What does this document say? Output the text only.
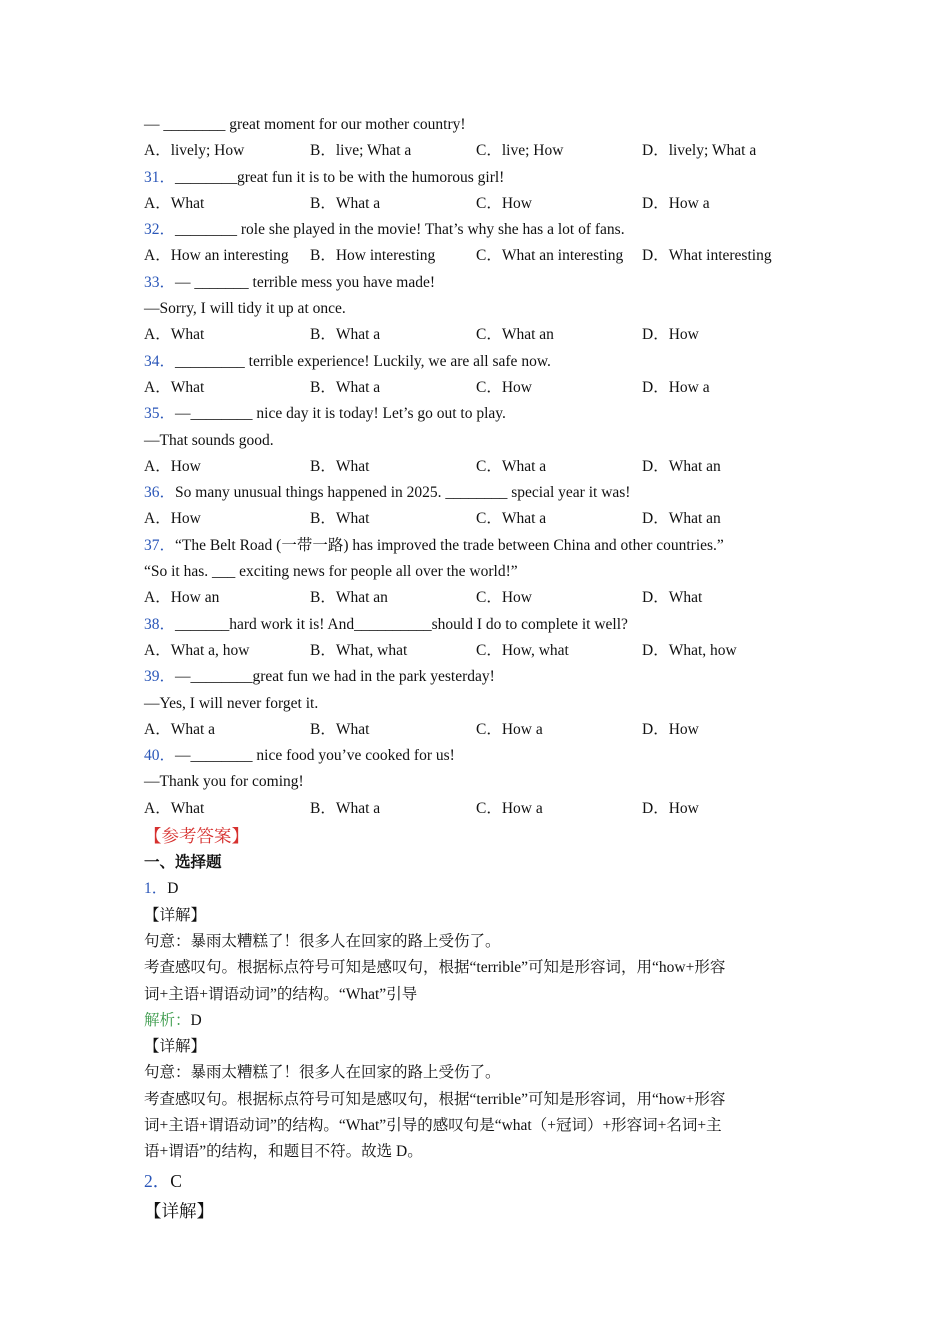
— ________ great moment for our mother country!
A．lively; How	B．live; What a	C．live; How	D．lively; What a
31．________great fun it is to be with the humorous girl!
A．What	B．What a	C．How	D．How a
32．________ role she played in the movie! That’s why she has a lot of fans.
A．How an interesting	B．How interesting	C．What an interesting	D．What interesting
33．— _______ terrible mess you have made!
—Sorry, I will tidy it up at once.
A．What	B．What a	C．What an	D．How
34．_________ terrible experience! Luckily, we are all safe now.
A．What	B．What a	C．How	D．How a
35．—________ nice day it is today! Let’s go out to play.
—That sounds good.
A．How	B．What	C．What a	D．What an
36．So many unusual things happened in 2025. ________ special year it was!
A．How	B．What	C．What a	D．What an
37．“The Belt Road (一带一路) has improved the trade between China and other countries.”
“So it has. ___ exciting news for people all over the world!”
A．How an	B．What an	C．How	D．What
38．_______hard work it is! And__________should I do to complete it well?
A．What a, how	B．What, what	C．How, what	D．What, how
39．—________great fun we had in the park yesterday!
—Yes, I will never forget it.
A．What a	B．What	C．How a	D．How
40．—________ nice food you’ve cooked for us!
—Thank you for coming!
A．What	B．What a	C．How a	D．How
【参考答案】
一、选择题
1．D
【详解】
句意：暴雨太糟糕了！很多人在回家的路上受伤了。
考查感叹句。根据标点符号可知是感叹句，根据“terrible”可知是形容词，用“how+形容
词+主语+谓语动词”的结构。“What”引导
解析：D
【详解】
句意：暴雨太糟糕了！很多人在回家的路上受伤了。
考查感叹句。根据标点符号可知是感叹句，根据“terrible”可知是形容词，用“how+形容
词+主语+谓语动词”的结构。“What”引导的感叹句是“what（+冠词）+形容词+名词+主
语+谓语”的结构，和题目不符。故选 D。
2．C
【详解】
